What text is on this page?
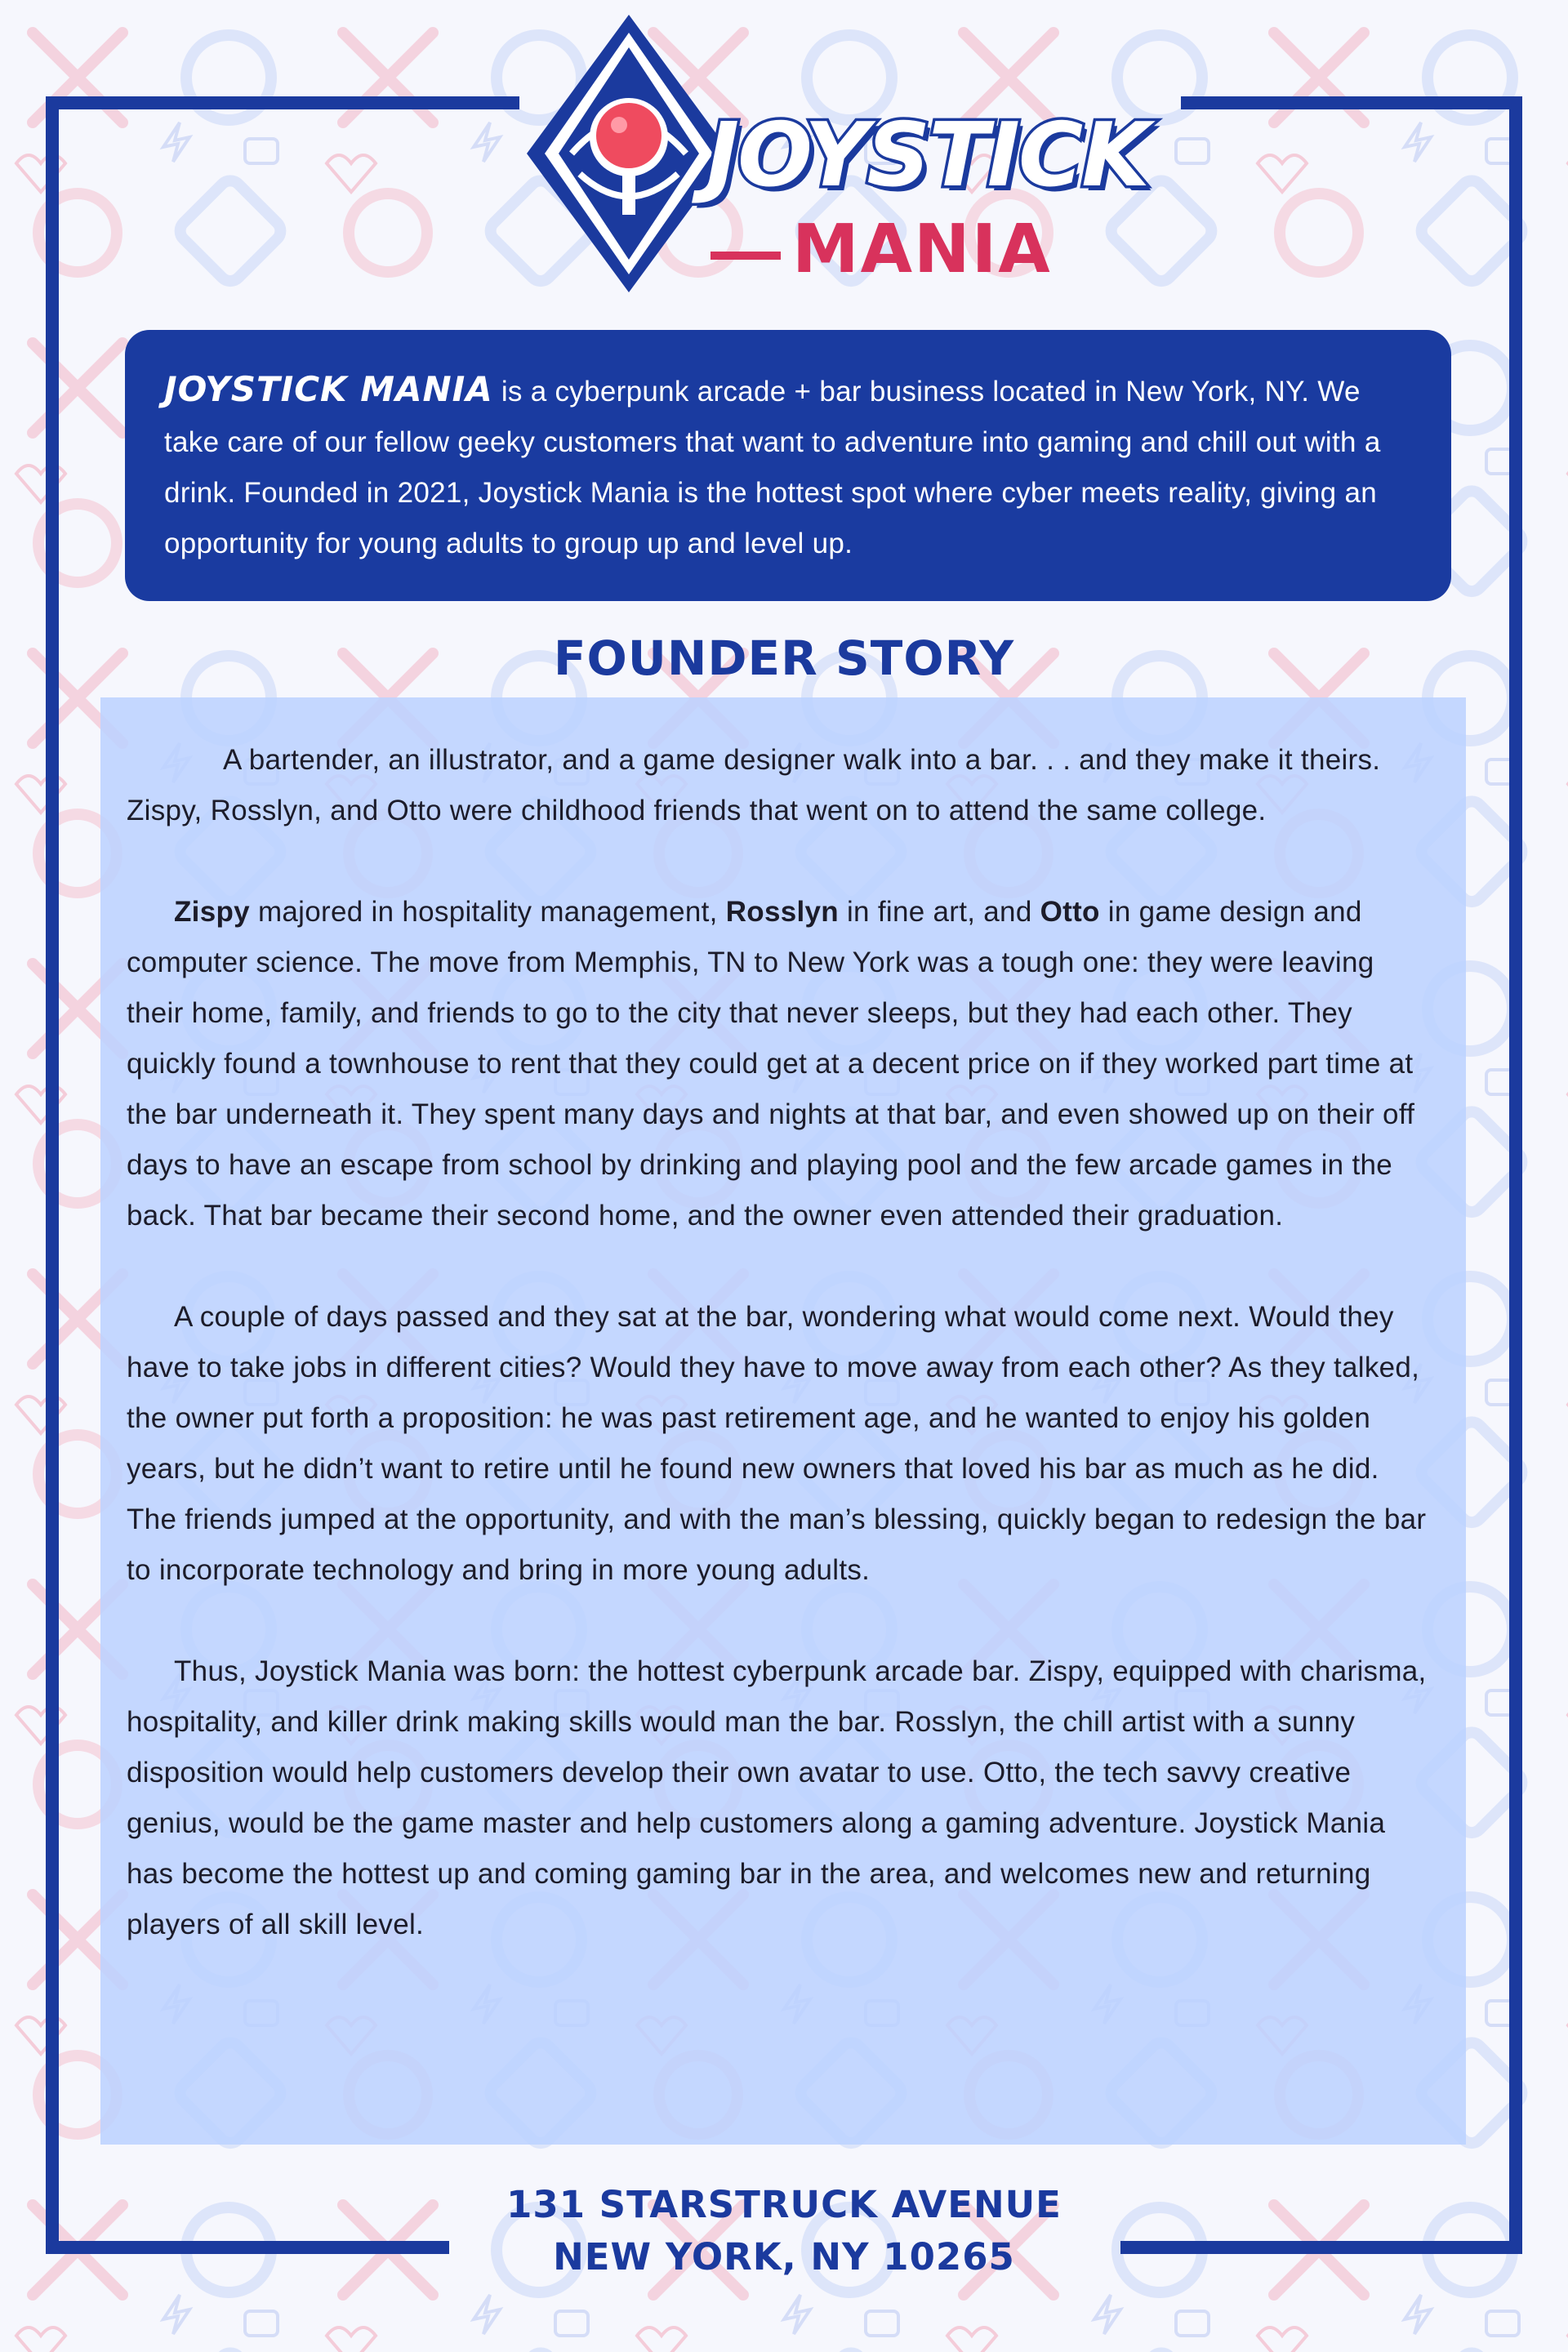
JOYSTICK
MANIA
JOYSTICK MANIA is a cyberpunk arcade + bar business located in New York, NY. We take care of our fellow geeky customers that want to adventure into gaming and chill out with a drink. Founded in 2021, Joystick Mania is the hottest spot where cyber meets reality, giving an opportunity for young adults to group up and level up.
FOUNDER STORY

A bartender, an illustrator, and a game designer walk into a bar. . . and they make it theirs. Zispy, Rosslyn, and Otto were childhood friends that went on to attend the same college.

Zispy majored in hospitality management, Rosslyn in fine art, and Otto in game design and computer science. The move from Memphis, TN to New York was a tough one: they were leaving their home, family, and friends to go to the city that never sleeps, but they had each other. They quickly found a townhouse to rent that they could get at a decent price on if they worked part time at the bar underneath it. They spent many days and nights at that bar, and even showed up on their off days to have an escape from school by drinking and playing pool and the few arcade games in the back. That bar became their second home, and the owner even attended their graduation.

A couple of days passed and they sat at the bar, wondering what would come next. Would they have to take jobs in different cities? Would they have to move away from each other? As they talked, the owner put forth a proposition: he was past retirement age, and he wanted to enjoy his golden years, but he didn’t want to retire until he found new owners that loved his bar as much as he did. The friends jumped at the opportunity, and with the man’s blessing, quickly began to redesign the bar to incorporate technology and bring in more young adults.

Thus, Joystick Mania was born: the hottest cyberpunk arcade bar. Zispy, equipped with charisma, hospitality, and killer drink making skills would man the bar. Rosslyn, the chill artist with a sunny disposition would help customers develop their own avatar to use. Otto, the tech savvy creative genius, would be the game master and help customers along a gaming adventure. Joystick Mania has become the hottest up and coming gaming bar in the area, and welcomes new and returning players of all skill level.

131 STARSTRUCK AVENUE
NEW YORK, NY 10265
